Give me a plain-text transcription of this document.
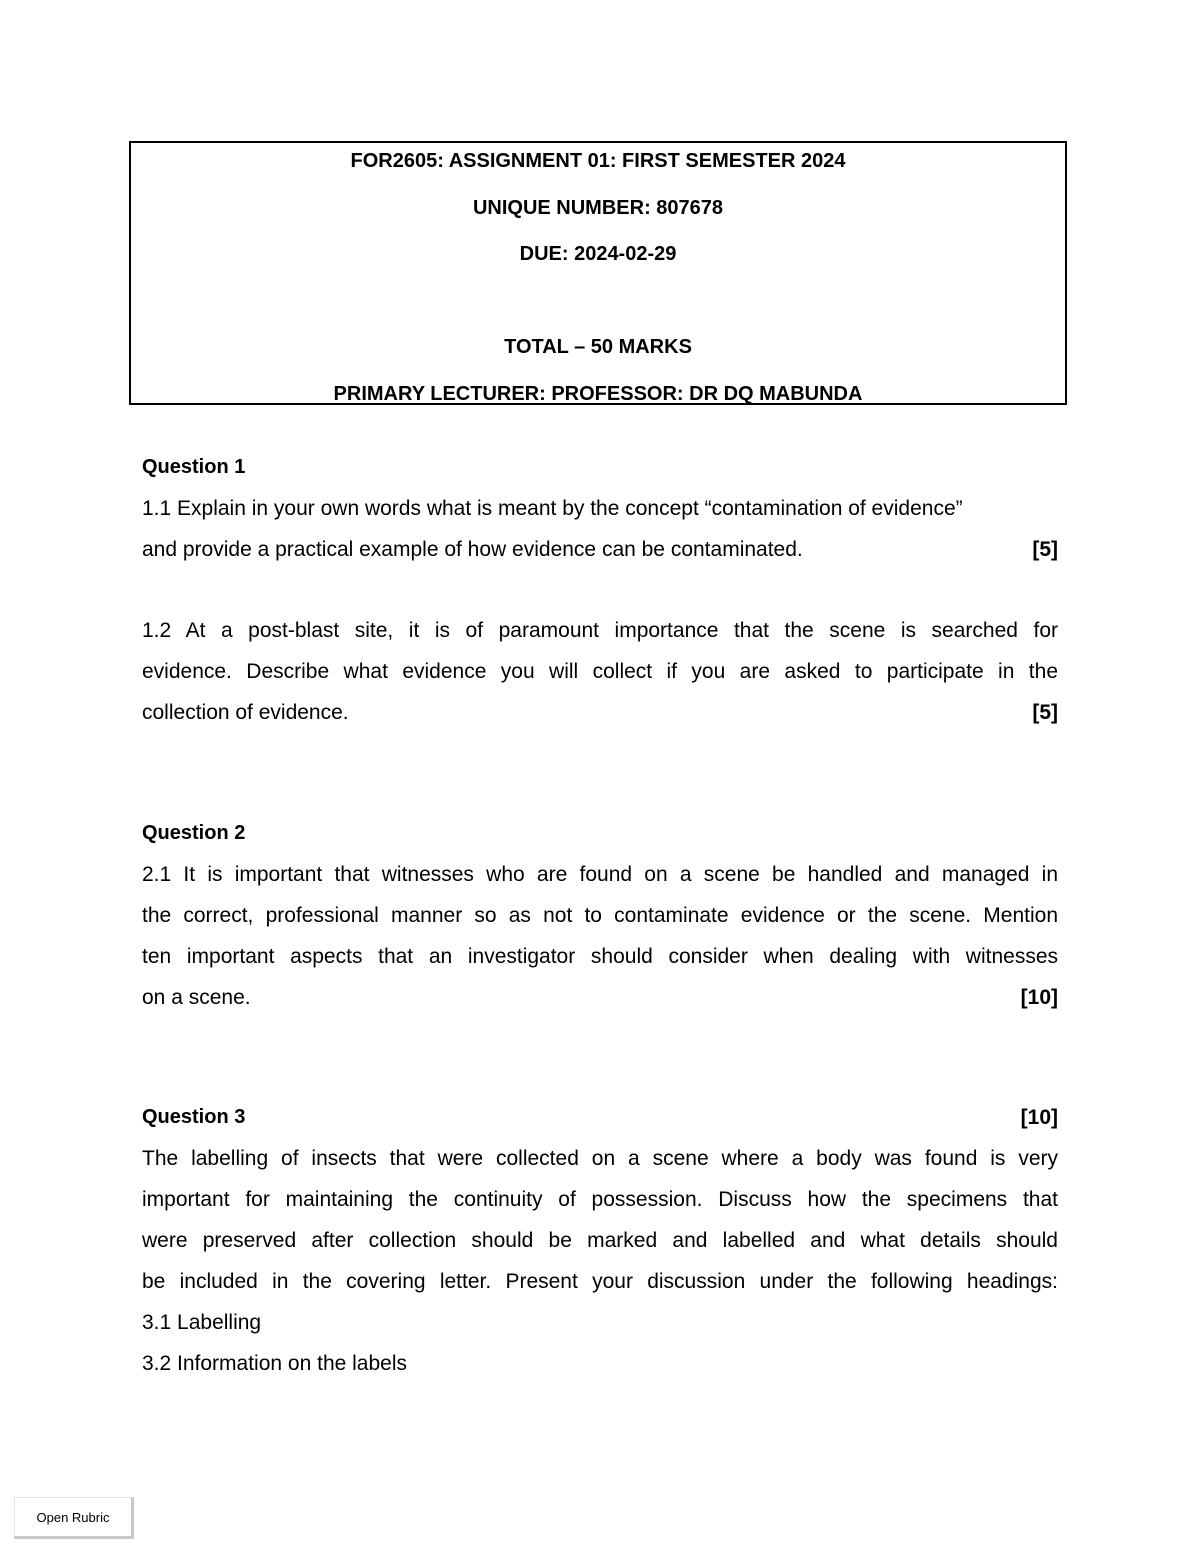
FOR2605: ASSIGNMENT 01: FIRST SEMESTER 2024
UNIQUE NUMBER: 807678
DUE: 2024-02-29
TOTAL – 50 MARKS
PRIMARY LECTURER: PROFESSOR: DR DQ MABUNDA
Question 1
1.1 Explain in your own words what is meant by the concept “contamination of evidence”
and provide a practical example of how evidence can be contaminated.	[5]
1.2 At a post-blast site, it is of paramount importance that the scene is searched for
evidence. Describe what evidence you will collect if you are asked to participate in the
collection of evidence.	[5]
Question 2
2.1 It is important that witnesses who are found on a scene be handled and managed in
the correct, professional manner so as not to contaminate evidence or the scene. Mention
ten important aspects that an investigator should consider when dealing with witnesses
on a scene.	[10]
Question 3	[10]
The labelling of insects that were collected on a scene where a body was found is very
important for maintaining the continuity of possession. Discuss how the specimens that
were preserved after collection should be marked and labelled and what details should
be included in the covering letter. Present your discussion under the following headings:
3.1 Labelling
3.2 Information on the labels
Open Rubric
